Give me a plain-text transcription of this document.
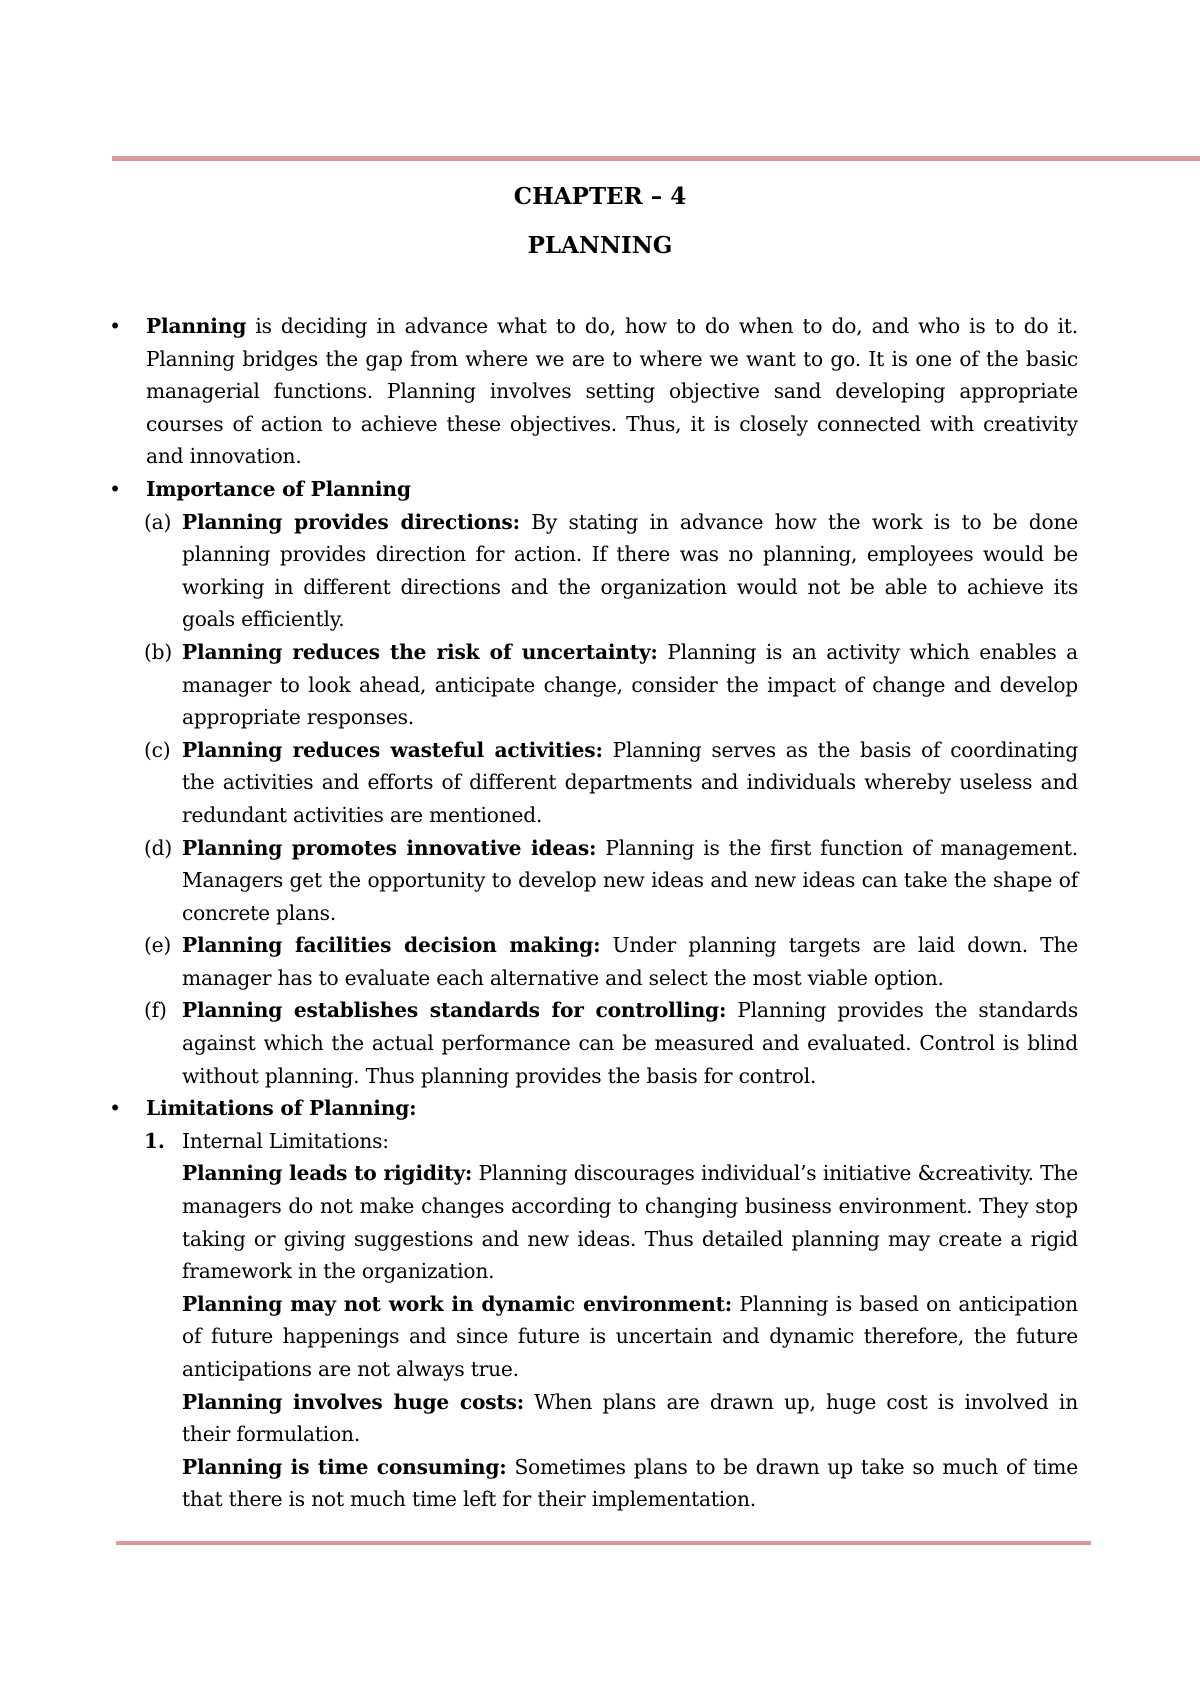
CHAPTER – 4
PLANNING
• Planning is deciding in advance what to do, how to do when to do, and who is to do it. Planning bridges the gap from where we are to where we want to go. It is one of the basic managerial functions. Planning involves setting objective sand developing appropriate courses of action to achieve these objectives. Thus, it is closely connected with creativity and innovation.
• Importance of Planning
(a) Planning provides directions: By stating in advance how the work is to be done planning provides direction for action. If there was no planning, employees would be working in different directions and the organization would not be able to achieve its goals efficiently.
(b) Planning reduces the risk of uncertainty: Planning is an activity which enables a manager to look ahead, anticipate change, consider the impact of change and develop appropriate responses.
(c) Planning reduces wasteful activities: Planning serves as the basis of coordinating the activities and efforts of different departments and individuals whereby useless and redundant activities are mentioned.
(d) Planning promotes innovative ideas: Planning is the first function of management. Managers get the opportunity to develop new ideas and new ideas can take the shape of concrete plans.
(e) Planning facilities decision making: Under planning targets are laid down. The manager has to evaluate each alternative and select the most viable option.
(f) Planning establishes standards for controlling: Planning provides the standards against which the actual performance can be measured and evaluated. Control is blind without planning. Thus planning provides the basis for control.
• Limitations of Planning:
1. Internal Limitations:
Planning leads to rigidity: Planning discourages individual’s initiative &creativity. The managers do not make changes according to changing business environment. They stop taking or giving suggestions and new ideas. Thus detailed planning may create a rigid framework in the organization.
Planning may not work in dynamic environment: Planning is based on anticipation of future happenings and since future is uncertain and dynamic therefore, the future anticipations are not always true.
Planning involves huge costs: When plans are drawn up, huge cost is involved in their formulation.
Planning is time consuming: Sometimes plans to be drawn up take so much of time that there is not much time left for their implementation.
